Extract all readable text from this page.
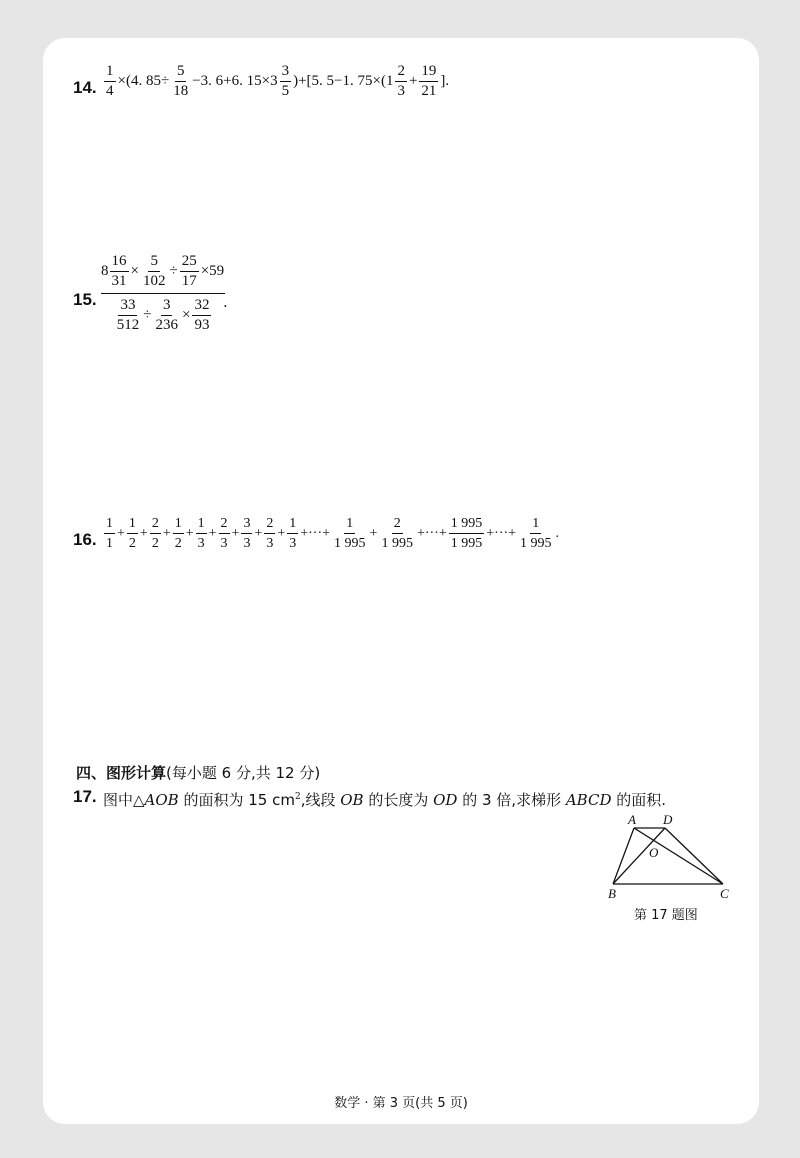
14. $\frac{1}{4} \times(4$. $85\div \frac{5}{18} -3$. 6+6. $15\times 3 \frac{3}{5} )+[5$. 5−1. $75\times(1 \frac{2}{3} + \frac{19}{21}$ ].
15.
$8 \frac{16}{31} \times \frac{5}{102} \div \frac{25}{17} \times 59$
$\frac{33}{512} \div \frac{3}{236} \times \frac{32}{93}$ .
16. $\frac{1}{1} + \frac{1}{2} + \frac{2}{2} + \frac{1}{2} + \frac{1}{3} + \frac{2}{3} + \frac{3}{3} + \frac{2}{3} + \frac{1}{3}$ +···+ $\frac{1}{1 995} + \frac{2}{1 995}$ +···+ $\frac{1 995}{1 995}$ +···+ $\frac{1}{1 995}$ .
四、图形计算(每小题 6 分,共 12 分)
17. 图中△AOB 的面积为 15 $cm^2$,线段 OB 的长度为 OD 的 3 倍,求梯形 ABCD 的面积.
A D
O
B	C
第 17 题图
数学 · 第 3 页(共 5 页)
